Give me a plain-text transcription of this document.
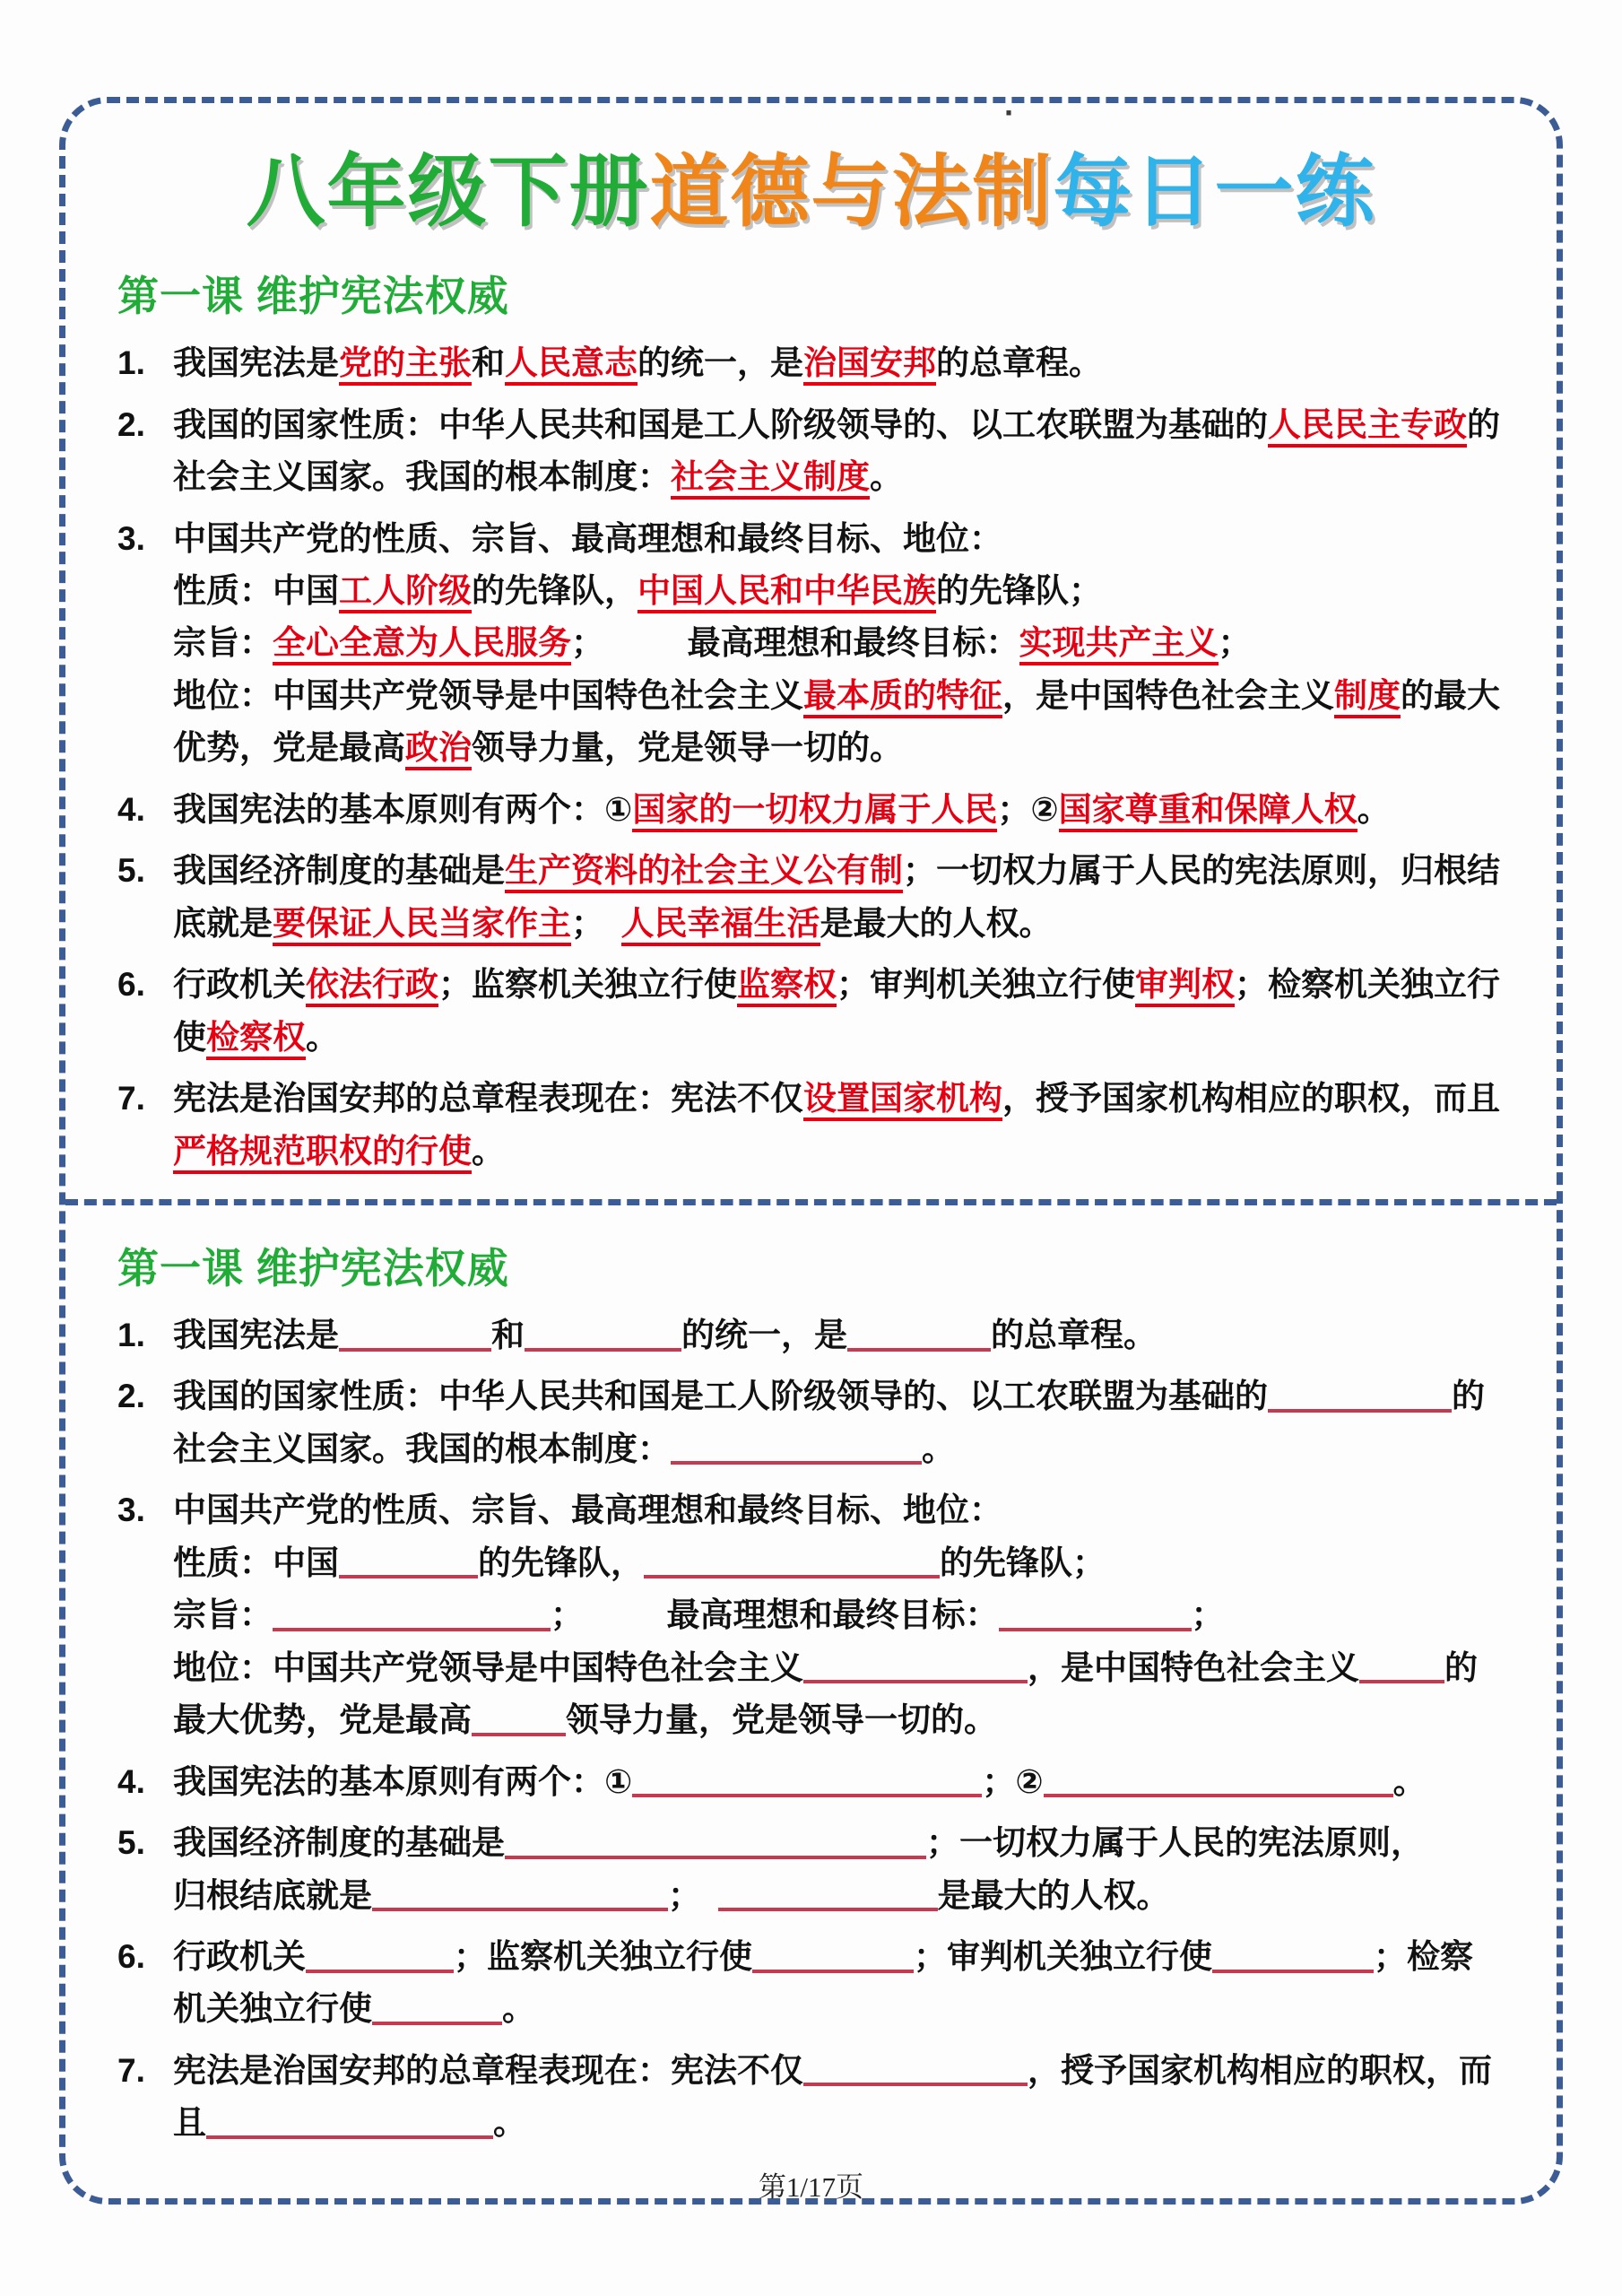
·
八年级下册道德与法制每日一练
第一课 维护宪法权威
1. 我国宪法是党的主张和人民意志的统一，是治国安邦的总章程。
2. 我国的国家性质：中华人民共和国是工人阶级领导的、以工农联盟为基础的人民民主专政的社会主义国家。我国的根本制度：社会主义制度。
3. 中国共产党的性质、宗旨、最高理想和最终目标、地位：
性质：中国工人阶级的先锋队，中国人民和中华民族的先锋队；
宗旨：全心全意为人民服务；　　　最高理想和最终目标：实现共产主义；
地位：中国共产党领导是中国特色社会主义最本质的特征，是中国特色社会主义制度的最大优势，党是最高政治领导力量，党是领导一切的。
4. 我国宪法的基本原则有两个：①国家的一切权力属于人民；②国家尊重和保障人权。
5. 我国经济制度的基础是生产资料的社会主义公有制；一切权力属于人民的宪法原则，归根结底就是要保证人民当家作主；　人民幸福生活是最大的人权。
6. 行政机关依法行政；监察机关独立行使监察权；审判机关独立行使审判权；检察机关独立行使检察权。
7. 宪法是治国安邦的总章程表现在：宪法不仅设置国家机构，授予国家机构相应的职权，而且严格规范职权的行使。
第一课 维护宪法权威
1. 我国宪法是	和	的统一，是	的总章程。
2. 我国的国家性质：中华人民共和国是工人阶级领导的、以工农联盟为基础的	的社会主义国家。我国的根本制度：	。
3. 中国共产党的性质、宗旨、最高理想和最终目标、地位：
性质：中国	的先锋队，	的先锋队；
宗旨：	；　　　最高理想和最终目标：	；
地位：中国共产党领导是中国特色社会主义	，是中国特色社会主义	的最大优势，党是最高	领导力量，党是领导一切的。
4. 我国宪法的基本原则有两个：①	；②	。
5. 我国经济制度的基础是	；一切权力属于人民的宪法原则，
归根结底就是	；　	是最大的人权。
6. 行政机关	；监察机关独立行使	；审判机关独立行使	；检察机关独立行使	。
7. 宪法是治国安邦的总章程表现在：宪法不仅	，授予国家机构相应的职权，而且	。
第1/17页
